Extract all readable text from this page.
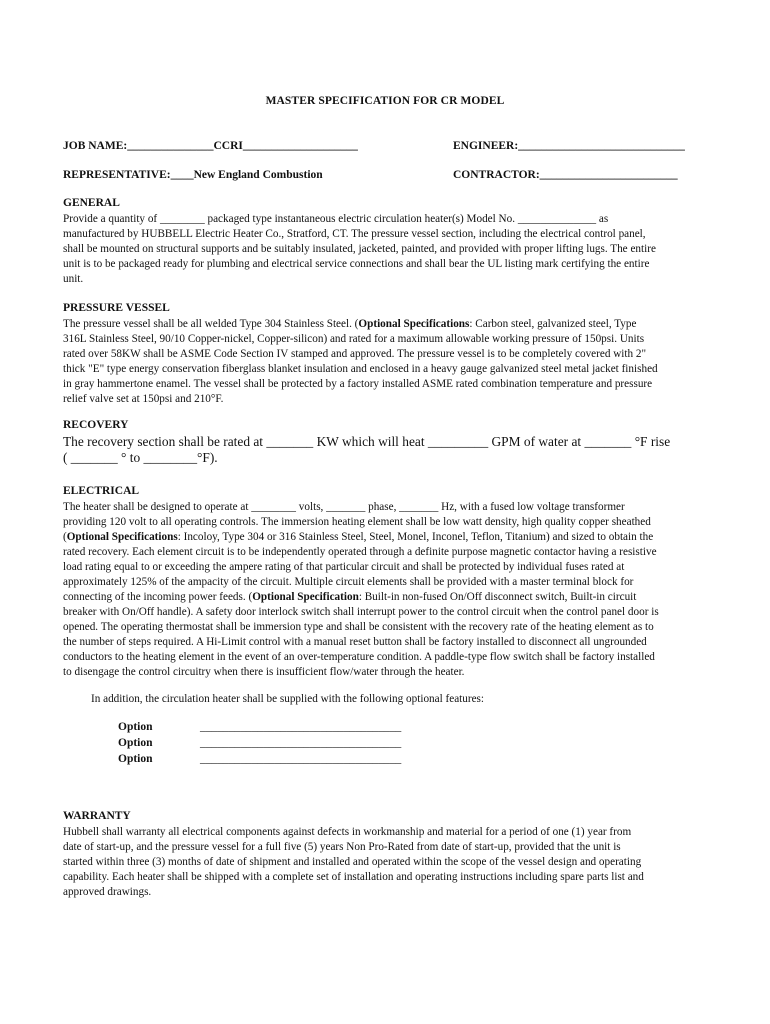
MASTER SPECIFICATION FOR CR MODEL
JOB NAME:_______________CCRI____________________	ENGINEER:_____________________________
REPRESENTATIVE:____New England Combustion	CONTRACTOR:________________________
GENERAL
Provide a quantity of ________ packaged type instantaneous electric circulation heater(s) Model No. ______________ as
manufactured by HUBBELL Electric Heater Co., Stratford, CT. The pressure vessel section, including the electrical control panel,
shall be mounted on structural supports and be suitably insulated, jacketed, painted, and provided with proper lifting lugs. The entire
unit is to be packaged ready for plumbing and electrical service connections and shall bear the UL listing mark certifying the entire
unit.
PRESSURE VESSEL
The pressure vessel shall be all welded Type 304 Stainless Steel. (Optional Specifications: Carbon steel, galvanized steel, Type
316L Stainless Steel, 90/10 Copper-nickel, Copper-silicon) and rated for a maximum allowable working pressure of 150psi. Units
rated over 58KW shall be ASME Code Section IV stamped and approved. The pressure vessel is to be completely covered with 2"
thick "E" type energy conservation fiberglass blanket insulation and enclosed in a heavy gauge galvanized steel metal jacket finished
in gray hammertone enamel. The vessel shall be protected by a factory installed ASME rated combination temperature and pressure
relief valve set at 150psi and 210°F.
RECOVERY
The recovery section shall be rated at _______ KW which will heat _________ GPM of water at _______ °F rise
( _______ ° to ________°F).
ELECTRICAL
The heater shall be designed to operate at ________ volts, _______ phase, _______ Hz, with a fused low voltage transformer
providing 120 volt to all operating controls. The immersion heating element shall be low watt density, high quality copper sheathed
(Optional Specifications: Incoloy, Type 304 or 316 Stainless Steel, Steel, Monel, Inconel, Teflon, Titanium) and sized to obtain the
rated recovery. Each element circuit is to be independently operated through a definite purpose magnetic contactor having a resistive
load rating equal to or exceeding the ampere rating of that particular circuit and shall be protected by individual fuses rated at
approximately 125% of the ampacity of the circuit. Multiple circuit elements shall be provided with a master terminal block for
connecting of the incoming power feeds. (Optional Specification: Built-in non-fused On/Off disconnect switch, Built-in circuit
breaker with On/Off handle). A safety door interlock switch shall interrupt power to the control circuit when the control panel door is
opened. The operating thermostat shall be immersion type and shall be consistent with the recovery rate of the heating element as to
the number of steps required. A Hi-Limit control with a manual reset button shall be factory installed to disconnect all ungrounded
conductors to the heating element in the event of an over-temperature condition. A paddle-type flow switch shall be factory installed
to disengage the control circuitry when there is insufficient flow/water through the heater.
In addition, the circulation heater shall be supplied with the following optional features:
Option	___________________________________
Option	___________________________________
Option	___________________________________
WARRANTY
Hubbell shall warranty all electrical components against defects in workmanship and material for a period of one (1) year from
date of start-up, and the pressure vessel for a full five (5) years Non Pro-Rated from date of start-up, provided that the unit is
started within three (3) months of date of shipment and installed and operated within the scope of the vessel design and operating
capability. Each heater shall be shipped with a complete set of installation and operating instructions including spare parts list and
approved drawings.
